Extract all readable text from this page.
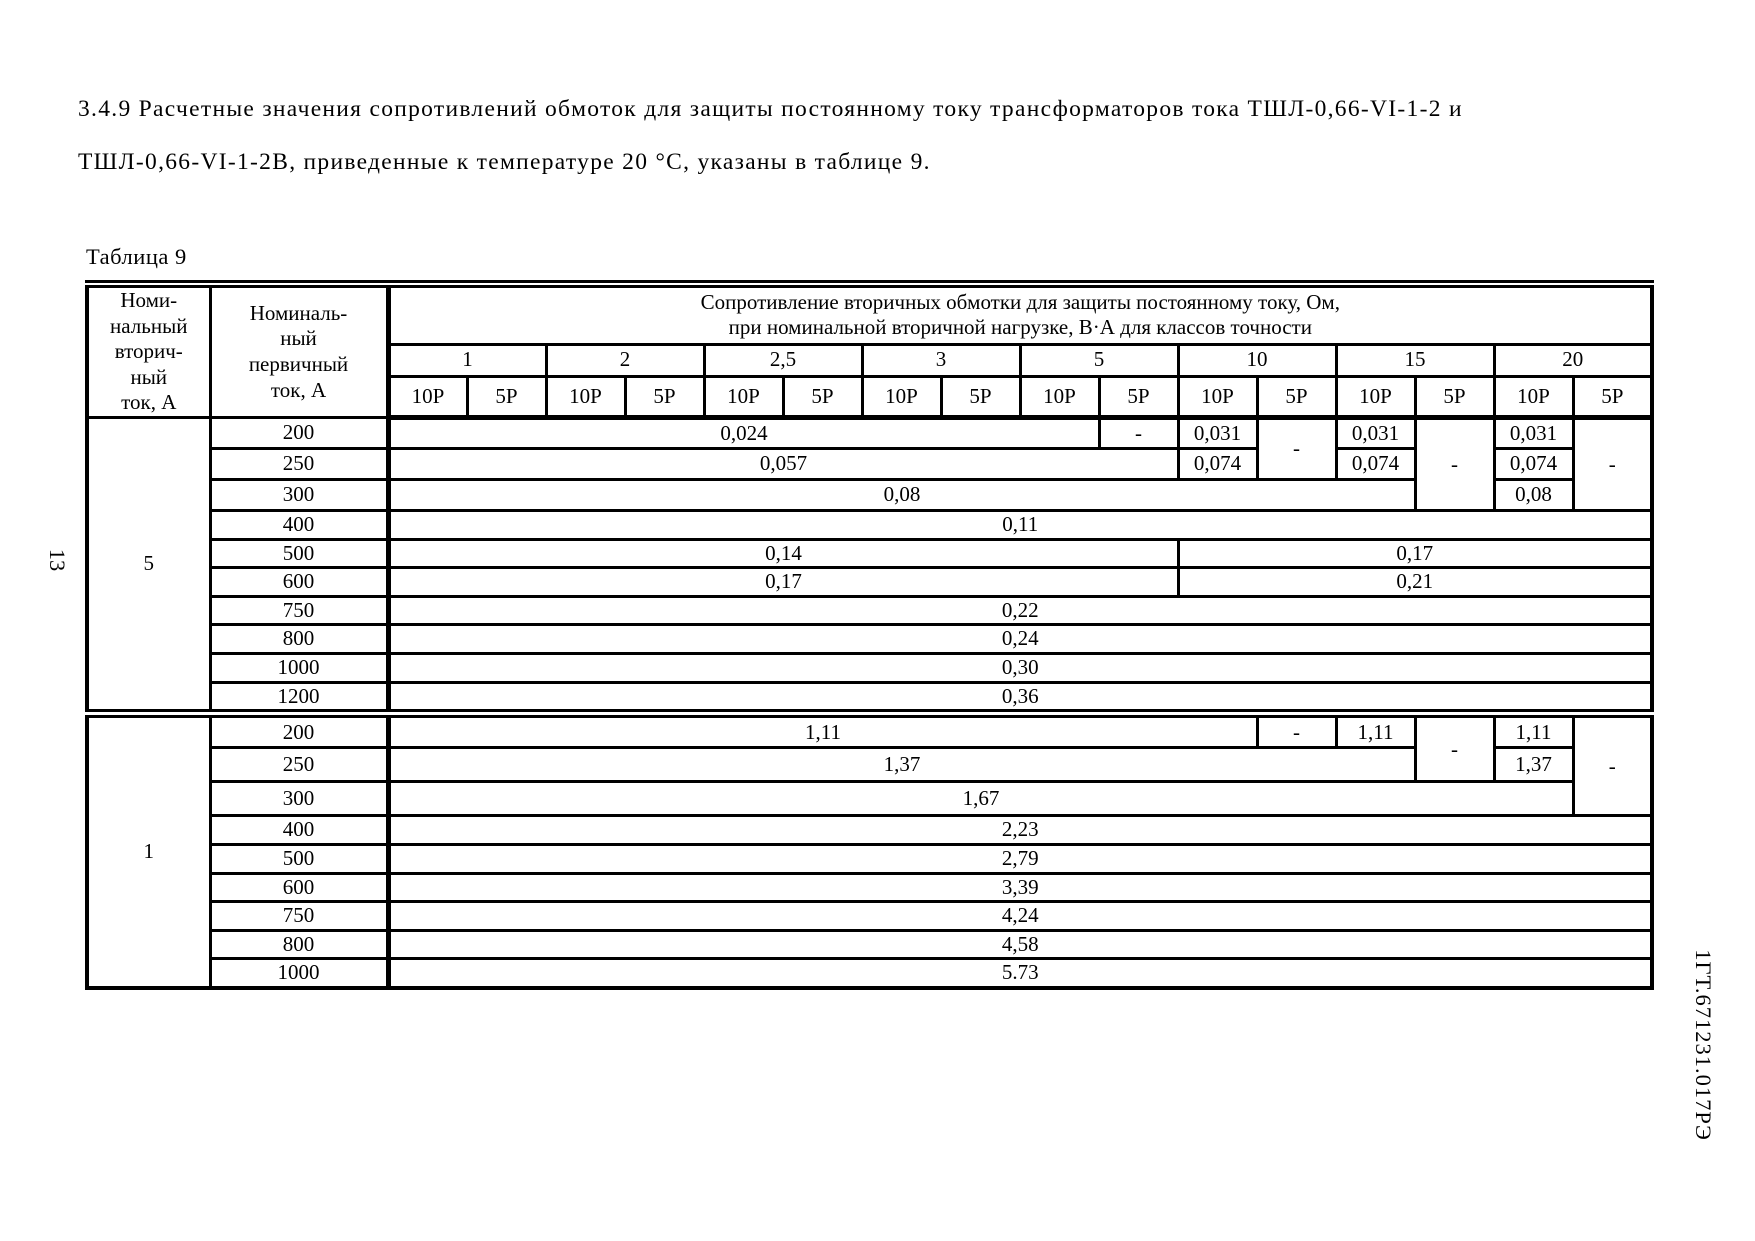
3.4.9 Расчетные значения сопротивлений обмоток для защиты постоянному току трансформаторов тока ТШЛ-0,66-VI-1-2 и
ТШЛ-0,66-VI-1-2В, приведенные к температуре 20 °С, указаны в таблице 9.
Таблица 9
Номи-
нальный
вторич-
ный
ток, А	Номиналь-
ный
первичный
ток, А	Сопротивление вторичных обмотки для защиты постоянному току, Ом,
при номинальной вторичной нагрузке, В·А для классов точности															
		1		2		2,5		3		5		10		15		20	
		10Р	5Р	10Р	5Р	10Р	5Р	10Р	5Р	10Р	5Р	10Р	5Р	10Р	5Р	10Р	5Р
5	200	0,024									-	0,031	-	0,031	-	0,031	-
	250	0,057										0,074		0,074		0,074	
	300	0,08														0,08	
	400	0,11															
	500	0,14										0,17					
	600	0,17										0,21					
	750	0,22															
	800	0,24															
	1000	0,30															
	1200	0,36															
1	200	1,11											-	1,11	-	1,11	-
	250	1,37														1,37	
	300	1,67															
	400	2,23															
	500	2,79															
	600	3,39															
	750	4,24															
	800	4,58															
	1000	5.73															
13
1ГТ.671231.017РЭ
